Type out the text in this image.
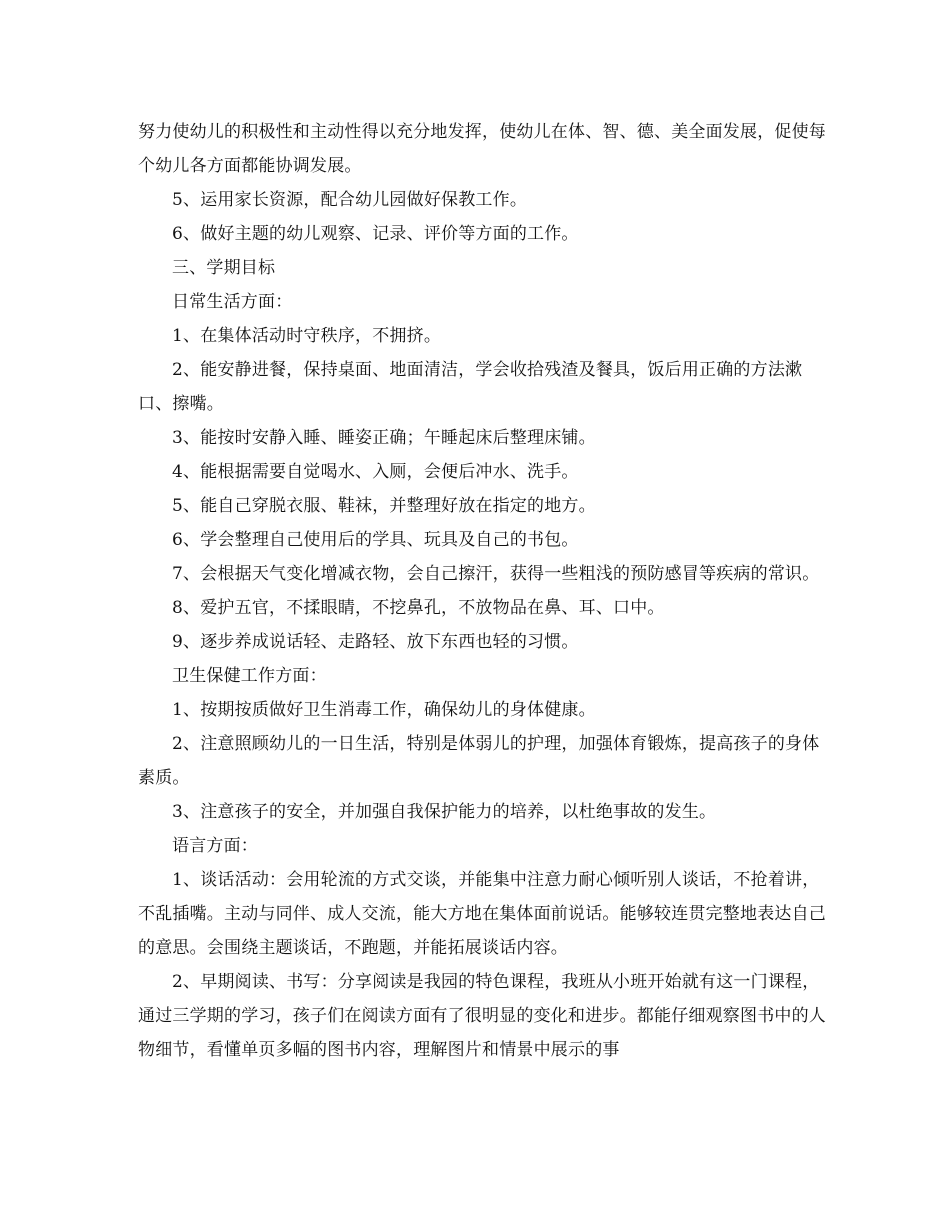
努力使幼儿的积极性和主动性得以充分地发挥，使幼儿在体、智、德、美全面发展，促使每个幼儿各方面都能协调发展。

5、运用家长资源，配合幼儿园做好保教工作。

6、做好主题的幼儿观察、记录、评价等方面的工作。

三、学期目标

日常生活方面：

1、在集体活动时守秩序，不拥挤。

2、能安静进餐，保持桌面、地面清洁，学会收拾残渣及餐具，饭后用正确的方法漱口、擦嘴。

3、能按时安静入睡、睡姿正确；午睡起床后整理床铺。

4、能根据需要自觉喝水、入厕，会便后冲水、洗手。

5、能自己穿脱衣服、鞋袜，并整理好放在指定的地方。

6、学会整理自己使用后的学具、玩具及自己的书包。

7、会根据天气变化增减衣物，会自己擦汗，获得一些粗浅的预防感冒等疾病的常识。

8、爱护五官，不揉眼睛，不挖鼻孔，不放物品在鼻、耳、口中。

9、逐步养成说话轻、走路轻、放下东西也轻的习惯。

卫生保健工作方面：

1、按期按质做好卫生消毒工作，确保幼儿的身体健康。

2、注意照顾幼儿的一日生活，特别是体弱儿的护理，加强体育锻炼，提高孩子的身体素质。

3、注意孩子的安全，并加强自我保护能力的培养，以杜绝事故的发生。

语言方面：

1、谈话活动：会用轮流的方式交谈，并能集中注意力耐心倾听别人谈话，不抢着讲，不乱插嘴。主动与同伴、成人交流，能大方地在集体面前说话。能够较连贯完整地表达自己的意思。会围绕主题谈话，不跑题，并能拓展谈话内容。

2、早期阅读、书写：分享阅读是我园的特色课程，我班从小班开始就有这一门课程，通过三学期的学习，孩子们在阅读方面有了很明显的变化和进步。都能仔细观察图书中的人物细节，看懂单页多幅的图书内容，理解图片和情景中展示的事
